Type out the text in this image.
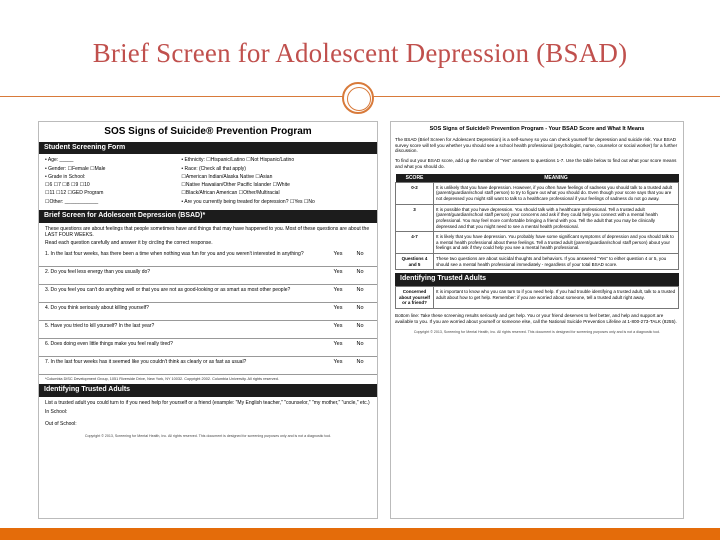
Brief Screen for Adolescent Depression (BSAD)
SOS Signs of Suicide® Prevention Program
Student Screening Form
• Age: _____
• Gender: ☐Female ☐Male
• Grade in School:
☐6 ☐7 ☐8 ☐9 ☐10
☐11 ☐12 ☐GED Program
☐Other: ____________
• Ethnicity: ☐Hispanic/Latino ☐Not Hispanic/Latino
• Race: (Check all that apply)
☐American Indian/Alaska Native ☐Asian
☐Native Hawaiian/Other Pacific Islander ☐White
☐Black/African American ☐Other/Multiracial
• Are you currently being treated for depression? ☐Yes ☐No
Brief Screen for Adolescent Depression (BSAD)*
These questions are about feelings that people sometimes have and things that may have happened to you. Most of these questions are about the LAST FOUR WEEKS.
Read each question carefully and answer it by circling the correct response.
1. In the last four weeks, has there been a time when nothing was fun for you and you weren't interested in anything?	Yes	No
2. Do you feel less energy than you usually do?	Yes	No
3. Do you feel you can't do anything well or that you are not as good-looking or as smart as most other people?	Yes	No
4. Do you think seriously about killing yourself?	Yes	No
5. Have you tried to kill yourself? In the last year?	Yes	No
6. Does doing even little things make you feel really tired?	Yes	No
7. In the last four weeks has it seemed like you couldn't think as clearly or as fast as usual?	Yes	No
*Columbia DISC Development Group, 1051 Riverside Drive, New York, NY 10032. Copyright 2002. Columbia University. All rights reserved.
Identifying Trusted Adults
List a trusted adult you could turn to if you need help for yourself or a friend (example: "My English teacher," "counselor," "my mother," "uncle," etc.)
In School:
Out of School:
Copyright © 2013, Screening for Mental Health, Inc. All rights reserved. This document is designed for screening purposes only and is not a diagnostic tool.
SOS Signs of Suicide® Prevention Program - Your BSAD Score and What It Means
The BSAD (Brief Screen for Adolescent Depression) is a self-survey so you can check yourself for depression and suicide risk. Your BSAD survey score will tell you whether you should see a school health professional (psychologist, nurse, counselor or social worker) for a further discussion.
To find out your BSAD score, add up the number of "Yes" answers to questions 1-7. Use the table below to find out what your score means and what you should do.
SCORE	MEANING
0-2	It is unlikely that you have depression. However, if you often have feelings of sadness you should talk to a trusted adult (parent/guardian/school staff person) to try to figure out what you should do. Even though your score says that you are not depressed you might still want to talk to a healthcare professional if your feelings of sadness do not go away.
3	It is possible that you have depression. You should talk with a healthcare professional. Tell a trusted adult (parent/guardian/school staff person) your concerns and ask if they could help you connect with a mental health professional. You may feel more comfortable bringing a friend with you. Tell the adult that you may be clinically depressed and that you might need to see a mental health professional.
4-7	It is likely that you have depression. You probably have some significant symptoms of depression and you should talk to a mental health professional about these feelings. Tell a trusted adult (parent/guardian/school staff person) about your feelings and ask if they could help you see a mental health professional.
Questions 4 and 5	These two questions are about suicidal thoughts and behaviors. If you answered "Yes" to either question 4 or 5, you should see a mental health professional immediately - regardless of your total BSAD score.
Identifying Trusted Adults
Concerned about yourself or a friend?	It is important to know who you can turn to if you need help. If you had trouble identifying a trusted adult, talk to a trusted adult about how to get help. Remember: if you are worried about someone, tell a trusted adult right away.
Bottom line: Take these screening results seriously and get help. You or your friend deserves to feel better, and help and support are available to you. If you are worried about yourself or someone else, call the National Suicide Prevention Lifeline at 1-800-273-TALK (8255).
Copyright © 2013, Screening for Mental Health, Inc. All rights reserved. This document is designed for screening purposes only and is not a diagnostic tool.
